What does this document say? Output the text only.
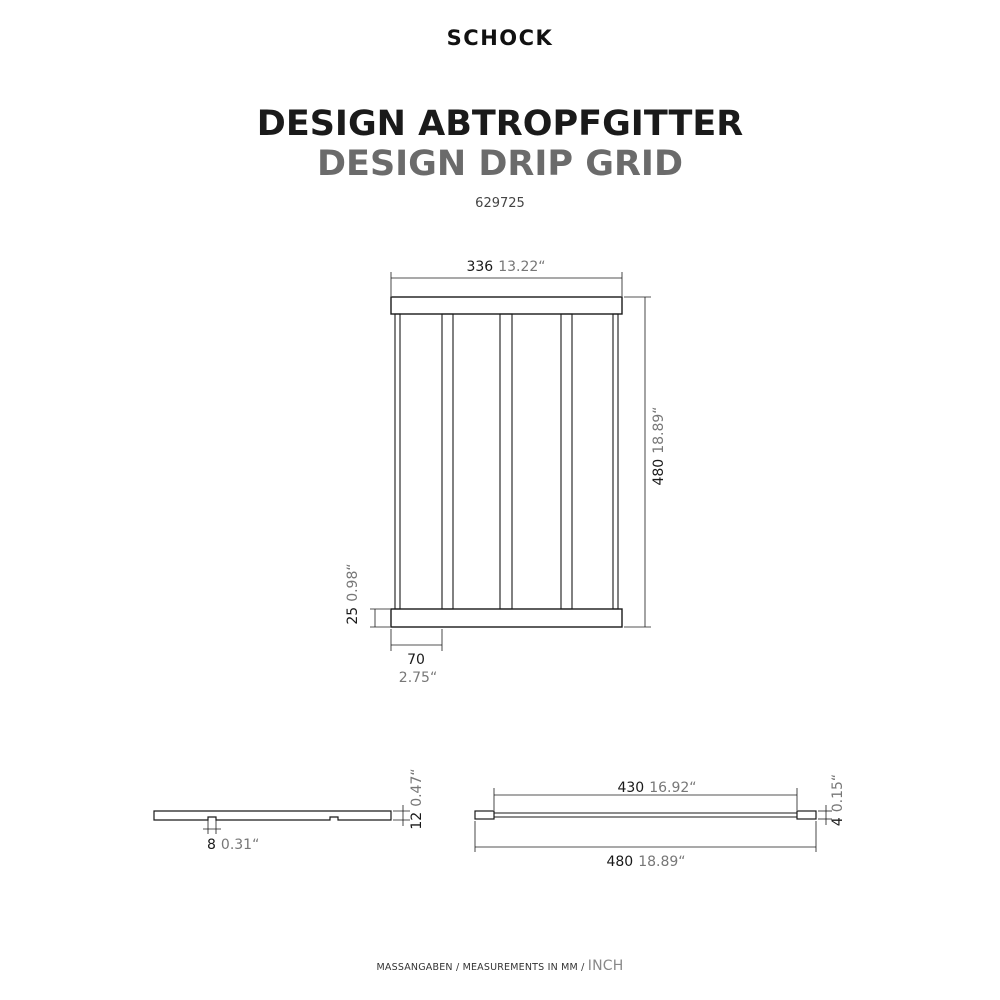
SCHOCK
DESIGN ABTROPFGITTER
DESIGN DRIP GRID
629725
336 13.22“
48018.89“
250.98“
70
2.75“
8 0.31“
120.47“	430 16.92“
480 18.89“
40.15“
MASSANGABEN / MEASUREMENTS IN MM / INCH
